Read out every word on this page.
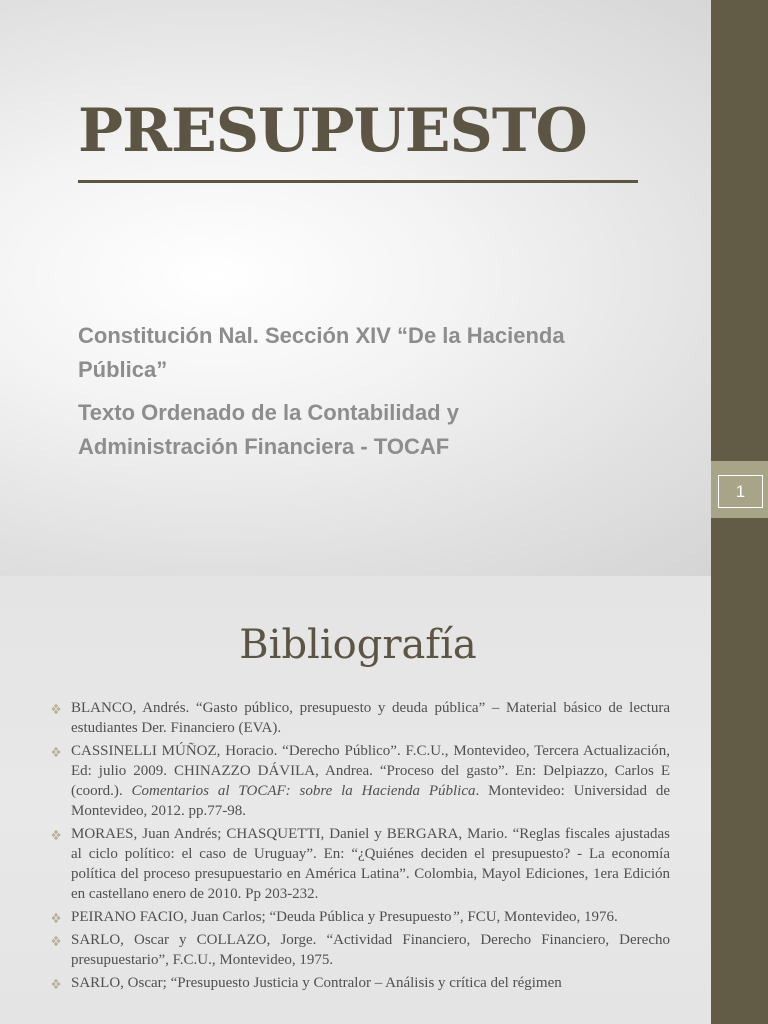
1
PRESUPUESTO
Constitución Nal. Sección XIV “De la Hacienda Pública”
Texto Ordenado de la Contabilidad y Administración Financiera - TOCAF
Bibliografía
BLANCO, Andrés. “Gasto público, presupuesto y deuda pública” – Material básico de lectura estudiantes Der. Financiero (EVA).
CASSINELLI MÚÑOZ, Horacio. “Derecho Público”. F.C.U., Montevideo, Tercera Actualización, Ed: julio 2009. CHINAZZO DÁVILA, Andrea. “Proceso del gasto”. En: Delpiazzo, Carlos E (coord.). Comentarios al TOCAF: sobre la Hacienda Pública. Montevideo: Universidad de Montevideo, 2012. pp.77-98.
MORAES, Juan Andrés; CHASQUETTI, Daniel y BERGARA, Mario. “Reglas fiscales ajustadas al ciclo político: el caso de Uruguay”. En: “¿Quiénes deciden el presupuesto? - La economía política del proceso presupuestario en América Latina”. Colombia, Mayol Ediciones, 1era Edición en castellano enero de 2010. Pp 203-232.
PEIRANO FACIO, Juan Carlos; “Deuda Pública y Presupuesto”, FCU, Montevideo, 1976.
SARLO, Oscar y COLLAZO, Jorge. “Actividad Financiero, Derecho Financiero, Derecho presupuestario”, F.C.U., Montevideo, 1975.
SARLO, Oscar; “Presupuesto Justicia y Contralor – Análisis y crítica del régimen
